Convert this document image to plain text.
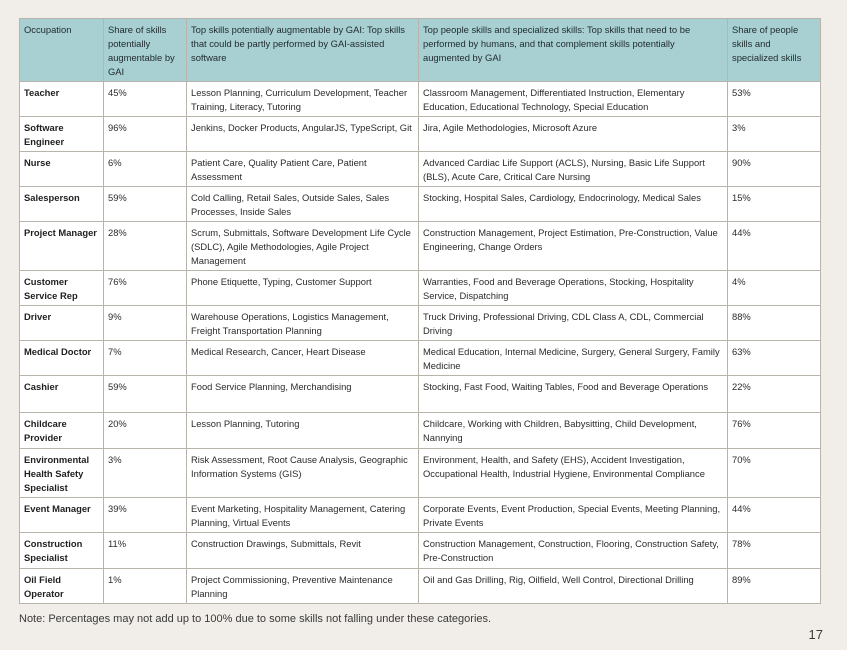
Occupation	Share of skills potentially augmentable by GAI	Top skills potentially augmentable by GAI: Top skills that could be partly performed by GAI-assisted software	Top people skills and specialized skills: Top skills that need to be performed by humans, and that complement skills potentially augmented by GAI	Share of people skills and specialized skills
Teacher	45%	Lesson Planning, Curriculum Development, Teacher Training, Literacy, Tutoring	Classroom Management, Differentiated Instruction, Elementary Education, Educational Technology, Special Education	53%
Software Engineer	96%	Jenkins, Docker Products, AngularJS, TypeScript, Git	Jira, Agile Methodologies, Microsoft Azure	3%
Nurse	6%	Patient Care, Quality Patient Care, Patient Assessment	Advanced Cardiac Life Support (ACLS), Nursing, Basic Life Support (BLS), Acute Care, Critical Care Nursing	90%
Salesperson	59%	Cold Calling, Retail Sales, Outside Sales, Sales Processes, Inside Sales	Stocking, Hospital Sales, Cardiology, Endocrinology, Medical Sales	15%
Project Manager	28%	Scrum, Submittals, Software Development Life Cycle (SDLC), Agile Methodologies, Agile Project Management	Construction Management, Project Estimation, Pre-Construction, Value Engineering, Change Orders	44%
Customer Service Rep	76%	Phone Etiquette, Typing, Customer Support	Warranties, Food and Beverage Operations, Stocking, Hospitality Service, Dispatching	4%
Driver	9%	Warehouse Operations, Logistics Management, Freight Transportation Planning	Truck Driving, Professional Driving, CDL Class A, CDL, Commercial Driving	88%
Medical Doctor	7%	Medical Research, Cancer, Heart Disease	Medical Education, Internal Medicine, Surgery, General Surgery, Family Medicine	63%
Cashier	59%	Food Service Planning, Merchandising	Stocking, Fast Food, Waiting Tables, Food and Beverage Operations	22%
Childcare Provider	20%	Lesson Planning, Tutoring	Childcare, Working with Children, Babysitting, Child Development, Nannying	76%
Environmental Health Safety Specialist	3%	Risk Assessment, Root Cause Analysis, Geographic Information Systems (GIS)	Environment, Health, and Safety (EHS), Accident Investigation, Occupational Health, Industrial Hygiene, Environmental Compliance	70%
Event Manager	39%	Event Marketing, Hospitality Management, Catering Planning, Virtual Events	Corporate Events, Event Production, Special Events, Meeting Planning, Private Events	44%
Construction Specialist	11%	Construction Drawings, Submittals, Revit	Construction Management, Construction, Flooring, Construction Safety, Pre-Construction	78%
Oil Field Operator	1%	Project Commissioning, Preventive Maintenance Planning	Oil and Gas Drilling, Rig, Oilfield, Well Control, Directional Drilling	89%
Note: Percentages may not add up to 100% due to some skills not falling under these categories.
17
